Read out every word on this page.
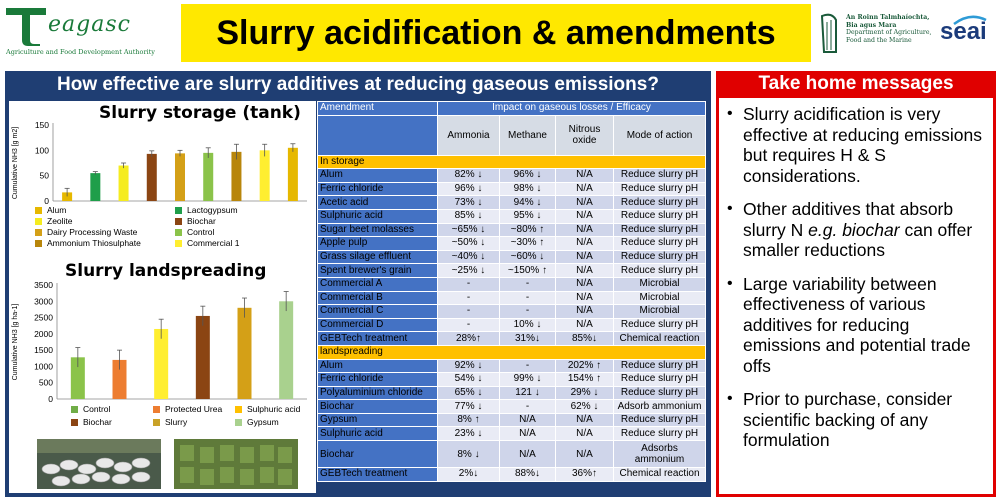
eagasc
Agriculture and Food Development Authority
Slurry acidification & amendments	An Roinn Talmhaíochta,
Bia agus Mara
Department of Agriculture,
Food and the Marine	seai
How effective are slurry additives at reducing gaseous emissions?
Slurry storage (tank)
Cumulative NH3 [g m2]
0
50
100
150
Alum	Lactogypsum
Zeolite	Biochar
Dairy Processing Waste	Control
Ammonium Thiosulphate	Commercial 1
Slurry landspreading
Cumulative NH3 [g ha-1]
0
500
1000
1500
2000
2500
3000
3500
Control	Protected Urea	Sulphuric acid
Biochar	Slurry	Gypsum
Amendment	Impact on gaseous losses / Efficacy			
	Ammonia	Methane	Nitrous oxide	Mode of action
In storage				
Alum	82% ↓	96% ↓	N/A	Reduce slurry pH
Ferric chloride	96% ↓	98% ↓	N/A	Reduce slurry pH
Acetic acid	73% ↓	94% ↓	N/A	Reduce slurry pH
Sulphuric acid	85% ↓	95% ↓	N/A	Reduce slurry pH
Sugar beet molasses	~65% ↓	~80% ↑	N/A	Reduce slurry pH
Apple pulp	~50% ↓	~30% ↑	N/A	Reduce slurry pH
Grass silage effluent	~40% ↓	~60% ↓	N/A	Reduce slurry pH
Spent brewer's grain	~25% ↓	~150% ↑	N/A	Reduce slurry pH
Commercial A	-	-	N/A	Microbial
Commercial B	-	-	N/A	Microbial
Commercial C	-	-	N/A	Microbial
Commercial D	-	10% ↓	N/A	Reduce slurry pH
GEBTech treatment	28%↑	31%↓	85%↓	Chemical reaction
landspreading				
Alum	92% ↓	-	202% ↑	Reduce slurry pH
Ferric chloride	54% ↓	99% ↓	154% ↑	Reduce slurry pH
Polyaluminium chloride	65% ↓	121 ↓	29% ↓	Reduce slurry pH
Biochar	77% ↓	-	62% ↓	Adsorb ammonium
Gypsum	8% ↑	N/A	N/A	Reduce slurry pH
Sulphuric acid	23% ↓	N/A	N/A	Reduce slurry pH
Biochar	8% ↓	N/A	N/A	Adsorbs ammonium
GEBTech treatment	2%↓	88%↓	36%↑	Chemical reaction
Take home messages
• Slurry acidification is very effective at reducing emissions but requires H & S considerations.
• Other additives that absorb slurry N e.g. biochar can offer smaller reductions
• Large variability between effectiveness of various additives for reducing emissions and potential trade offs
• Prior to purchase, consider scientific backing of any formulation
